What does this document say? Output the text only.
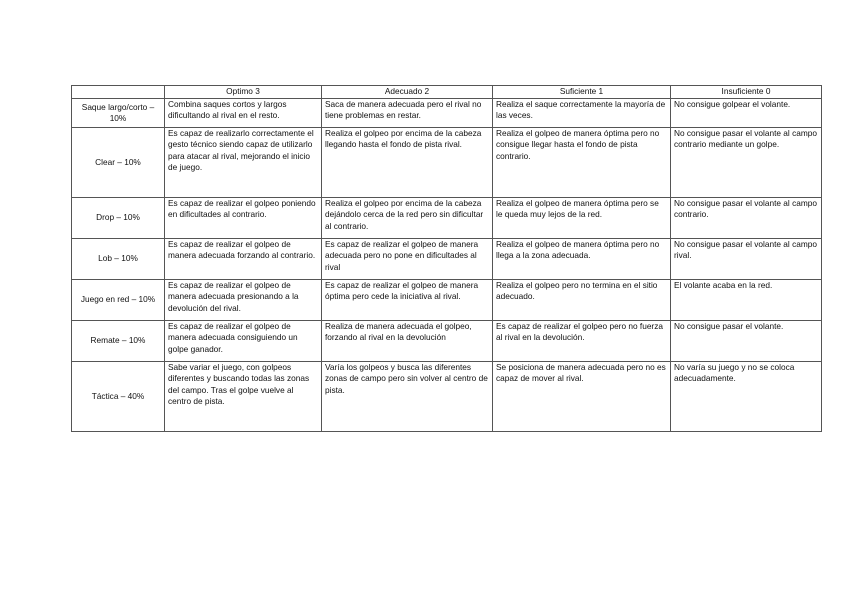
	Optimo 3	Adecuado 2	Suficiente 1	Insuficiente 0
Saque largo/corto – 10%	Combina saques cortos y largos dificultando al rival en el resto.	Saca de manera adecuada pero el rival no tiene problemas en restar.	Realiza el saque correctamente la mayoría de las veces.	No consigue golpear el volante.
Clear – 10%	Es capaz de realizarlo correctamente el gesto técnico siendo capaz de utilizarlo para atacar al rival, mejorando el inicio de juego.	Realiza el golpeo por encima de la cabeza llegando hasta el fondo de pista rival.	Realiza el golpeo de manera óptima pero no consigue llegar hasta el fondo de pista contrario.	No consigue pasar el volante al campo contrario mediante un golpe.
Drop – 10%	Es capaz de realizar el golpeo poniendo en dificultades al contrario.	Realiza el golpeo por encima de la cabeza dejándolo cerca de la red pero sin dificultar al contrario.	Realiza el golpeo de manera óptima pero se le queda muy lejos de la red.	No consigue pasar el volante al campo contrario.
Lob – 10%	Es capaz de realizar el golpeo de manera adecuada forzando al contrario.	Es capaz de realizar el golpeo de manera adecuada pero no pone en dificultades al rival	Realiza el golpeo de manera óptima pero no llega a la zona adecuada.	No consigue pasar el volante al campo rival.
Juego en red – 10%	Es capaz de realizar el golpeo de manera adecuada presionando a la devolución del rival.	Es capaz de realizar el golpeo de manera óptima pero cede la iniciativa al rival.	Realiza el golpeo pero no termina en el sitio adecuado.	El volante acaba en la red.
Remate – 10%	Es capaz de realizar el golpeo de manera adecuada consiguiendo un golpe ganador.	Realiza de manera adecuada el golpeo, forzando al rival en la devolución	Es capaz de realizar el golpeo pero no fuerza al rival en la devolución.	No consigue pasar el volante.
Táctica – 40%	Sabe variar el juego, con golpeos diferentes y buscando todas las zonas del campo. Tras el golpe vuelve al centro de pista.	Varía los golpeos y busca las diferentes zonas de campo pero sin volver al centro de pista.	Se posiciona de manera adecuada pero no es capaz de mover al rival.	No varía su juego y no se coloca adecuadamente.
